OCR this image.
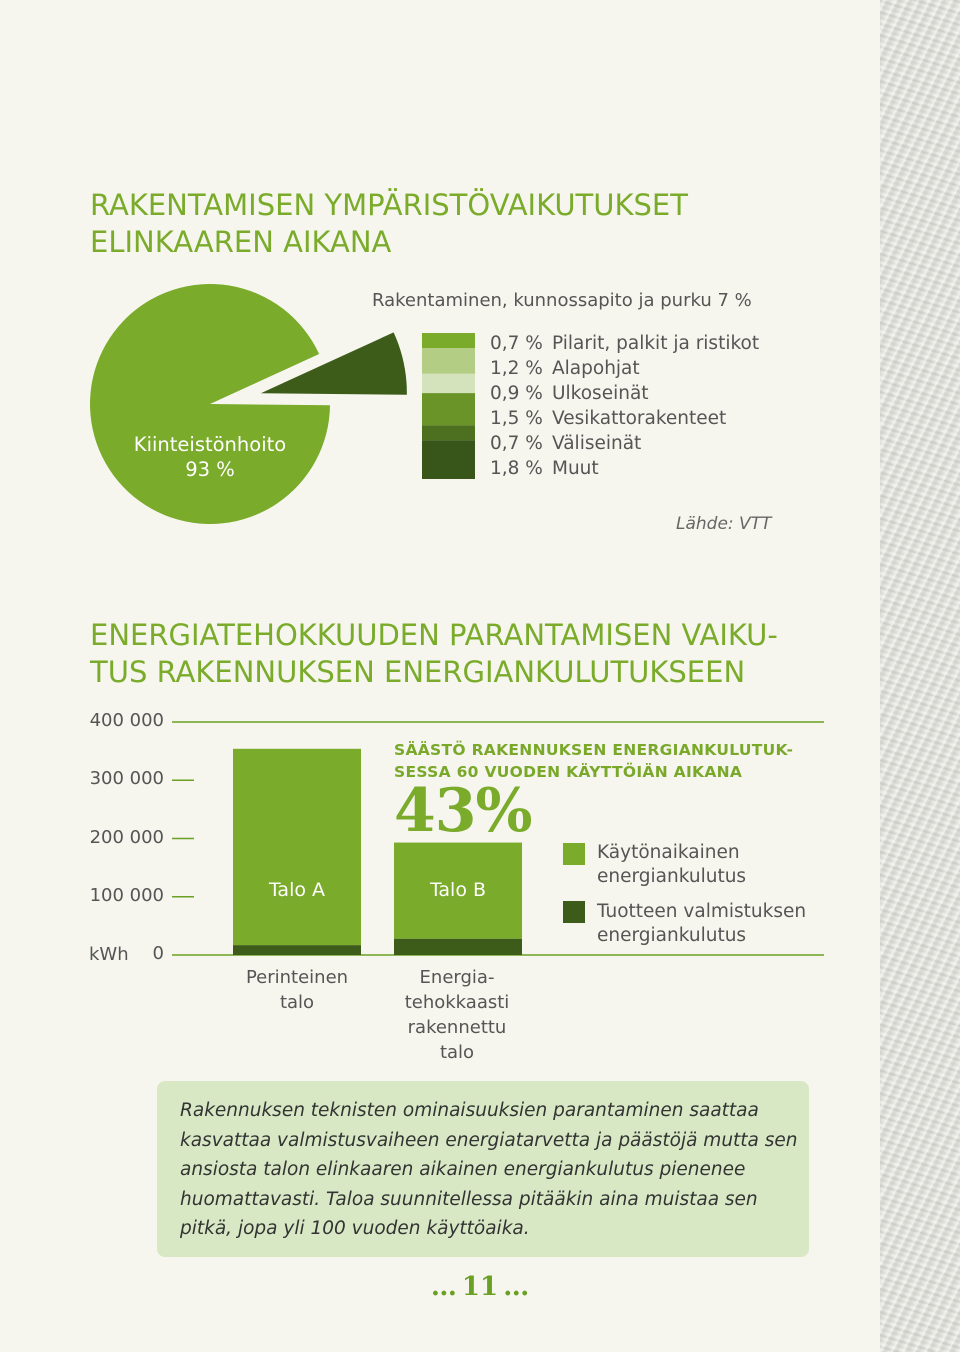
RAKENTAMISEN YMPÄRISTÖVAIKUTUKSET
ELINKAAREN AIKANA
Kiinteistönhoito
93 %
Rakentaminen, kunnossapito ja purku 7 %
0,7 % Pilarit, palkit ja ristikot
1,2 % Alapohjat
0,9 % Ulkoseinät
1,5 % Vesikattorakenteet
0,7 % Väliseinät
1,8 % Muut
Lähde: VTT
ENERGIATEHOKKUUDEN PARANTAMISEN VAIKU-
TUS RAKENNUKSEN ENERGIANKULUTUKSEEN
400 000
300 000
200 000
100 000
0
kWh
Talo A	Talo B
Perinteinen
talo
Energia-
tehokkaasti
rakennettu
talo
SÄÄSTÖ RAKENNUKSEN ENERGIANKULUTUK-
SESSA 60 VUODEN KÄYTTÖIÄN AIKANA
43%
Käytönaikainen energiankulutus
Tuotteen valmistuksen energiankulutus
Rakennuksen teknisten ominaisuuksien parantaminen saattaa kasvattaa valmistusvaiheen energiatarvetta ja päästöjä mutta sen ansiosta talon elinkaaren aikainen energiankulutus pienenee huomattavasti. Taloa suunnitellessa pitääkin aina muistaa sen pitkä, jopa yli 100 vuoden käyttöaika.
… 11 …
